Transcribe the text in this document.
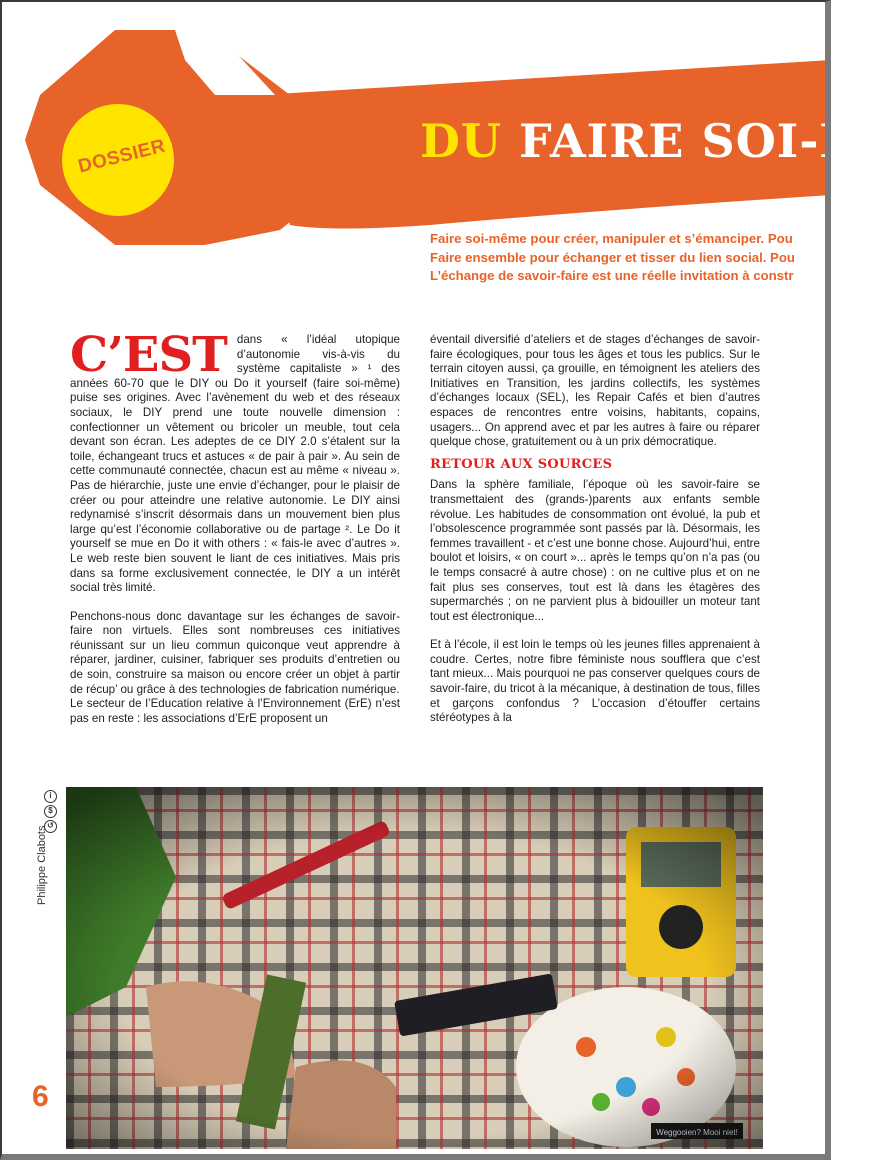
DOSSIER	DU FAIRE SOI-M

Faire soi-même pour créer, manipuler et s’émanciper. Pou

Faire ensemble pour échanger et tisser du lien social. Pou

L’échange de savoir-faire est une réelle invitation à constr

C’EST dans « l’idéal utopique d’autonomie vis-à-vis du système capitaliste » ¹ des années 60-70 que le DIY ou Do it yourself (faire soi-même) puise ses origines. Avec l’avènement du web et des réseaux sociaux, le DIY prend une toute nouvelle dimension : confectionner un vêtement ou bricoler un meuble, tout cela devant son écran. Les adeptes de ce DIY 2.0 s’étalent sur la toile, échangeant trucs et astuces « de pair à pair ». Au sein de cette communauté connectée, chacun est au même « niveau ». Pas de hiérarchie, juste une envie d’échanger, pour le plaisir de créer ou pour atteindre une relative autonomie. Le DIY ainsi redynamisé s’inscrit désormais dans un mouvement bien plus large qu’est l’économie collaborative ou de partage ². Le Do it yourself se mue en Do it with others : « fais-le avec d’autres ». Le web reste bien souvent le liant de ces initiatives. Mais pris dans sa forme exclusivement connectée, le DIY a un intérêt social très limité.

Penchons-nous donc davantage sur les échanges de savoir-faire non virtuels. Elles sont nombreuses ces initiatives réunissant sur un lieu commun quiconque veut apprendre à réparer, jardiner, cuisiner, fabriquer ses produits d’entretien ou de soin, construire sa maison ou encore créer un objet à partir de récup’ ou grâce à des technologies de fabrication numérique.

Le secteur de l’Education relative à l’Environnement (ErE) n’est pas en reste : les associations d’ErE proposent un

éventail diversifié d’ateliers et de stages d’échanges de savoir-faire écologiques, pour tous les âges et tous les publics. Sur le terrain citoyen aussi, ça grouille, en témoignent les ateliers des Initiatives en Transition, les jardins collectifs, les systèmes d’échanges locaux (SEL), les Repair Cafés et bien d’autres espaces de rencontres entre voisins, habitants, copains, usagers... On apprend avec et par les autres à faire ou réparer quelque chose, gratuitement ou à un prix démocratique.

RETOUR AUX SOURCES

Dans la sphère familiale, l’époque où les savoir-faire se transmettaient des (grands-)parents aux enfants semble révolue. Les habitudes de consommation ont évolué, la pub et l’obsolescence programmée sont passés par là. Désormais, les femmes travaillent - et c’est une bonne chose. Aujourd’hui, entre boulot et loisirs, « on court »... après le temps qu’on n’a pas (ou le temps consacré à autre chose) : on ne cultive plus et on ne fait plus ses conserves, tout est là dans les étagères des supermarchés ; on ne parvient plus à bidouiller un moteur tant tout est électronique...

Et à l’école, il est loin le temps où les jeunes filles apprenaient à coudre. Certes, notre fibre féministe nous soufflera que c’est tant mieux... Mais pourquoi ne pas conserver quelques cours de savoir-faire, du tricot à la mécanique, à destination de tous, filles et garçons confondus ? L’occasion d’étouffer certains stéréotypes à la

i
$
↺
Philippe Clabots
6
